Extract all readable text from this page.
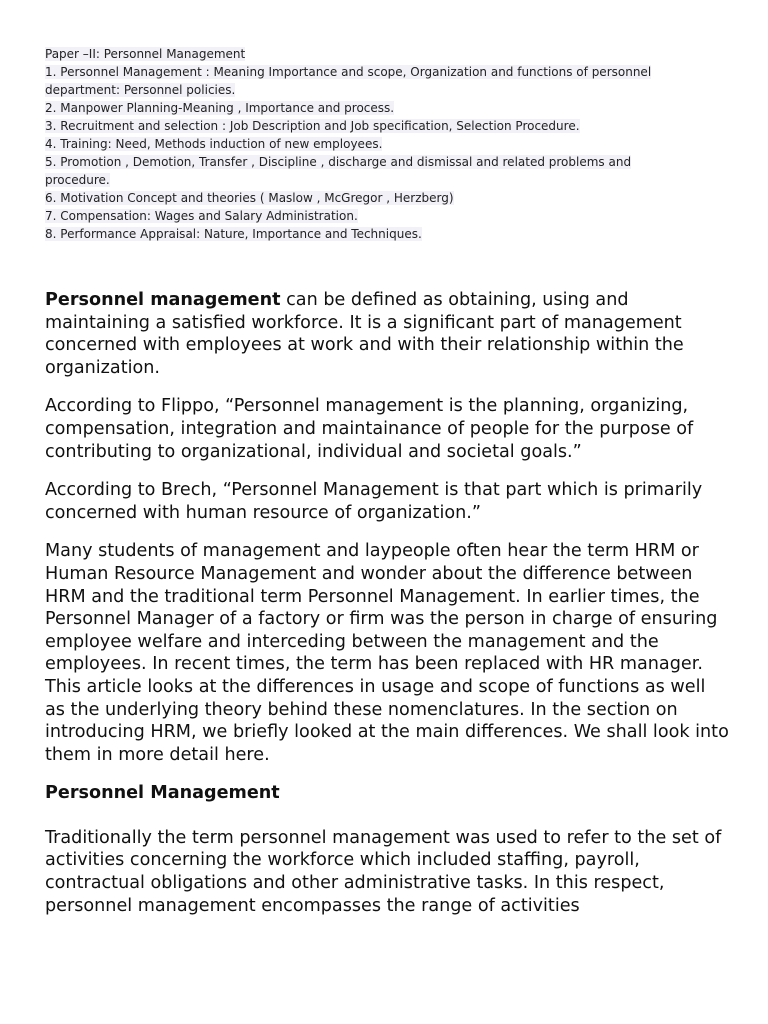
Paper –II: Personnel Management
1. Personnel Management : Meaning Importance and scope, Organization and functions of personnel
department: Personnel policies.
2. Manpower Planning-Meaning , Importance and process.
3. Recruitment and selection : Job Description and Job specification, Selection Procedure.
4. Training: Need, Methods induction of new employees.
5. Promotion , Demotion, Transfer , Discipline , discharge and dismissal and related problems and
procedure.
6. Motivation Concept and theories ( Maslow , McGregor , Herzberg)
7. Compensation: Wages and Salary Administration.
8. Performance Appraisal: Nature, Importance and Techniques.

Personnel management can be defined as obtaining, using and maintaining a satisfied workforce. It is a significant part of management concerned with employees at work and with their relationship within the organization.

According to Flippo, “Personnel management is the planning, organizing, compensation, integration and maintainance of people for the purpose of contributing to organizational, individual and societal goals.”

According to Brech, “Personnel Management is that part which is primarily concerned with human resource of organization.”

Many students of management and laypeople often hear the term HRM or Human Resource Management and wonder about the difference between HRM and the traditional term Personnel Management. In earlier times, the Personnel Manager of a factory or firm was the person in charge of ensuring employee welfare and interceding between the management and the employees. In recent times, the term has been replaced with HR manager. This article looks at the differences in usage and scope of functions as well as the underlying theory behind these nomenclatures. In the section on introducing HRM, we briefly looked at the main differences. We shall look into them in more detail here.

Personnel Management

Traditionally the term personnel management was used to refer to the set of activities concerning the workforce which included staffing, payroll, contractual obligations and other administrative tasks. In this respect, personnel management encompasses the range of activities
